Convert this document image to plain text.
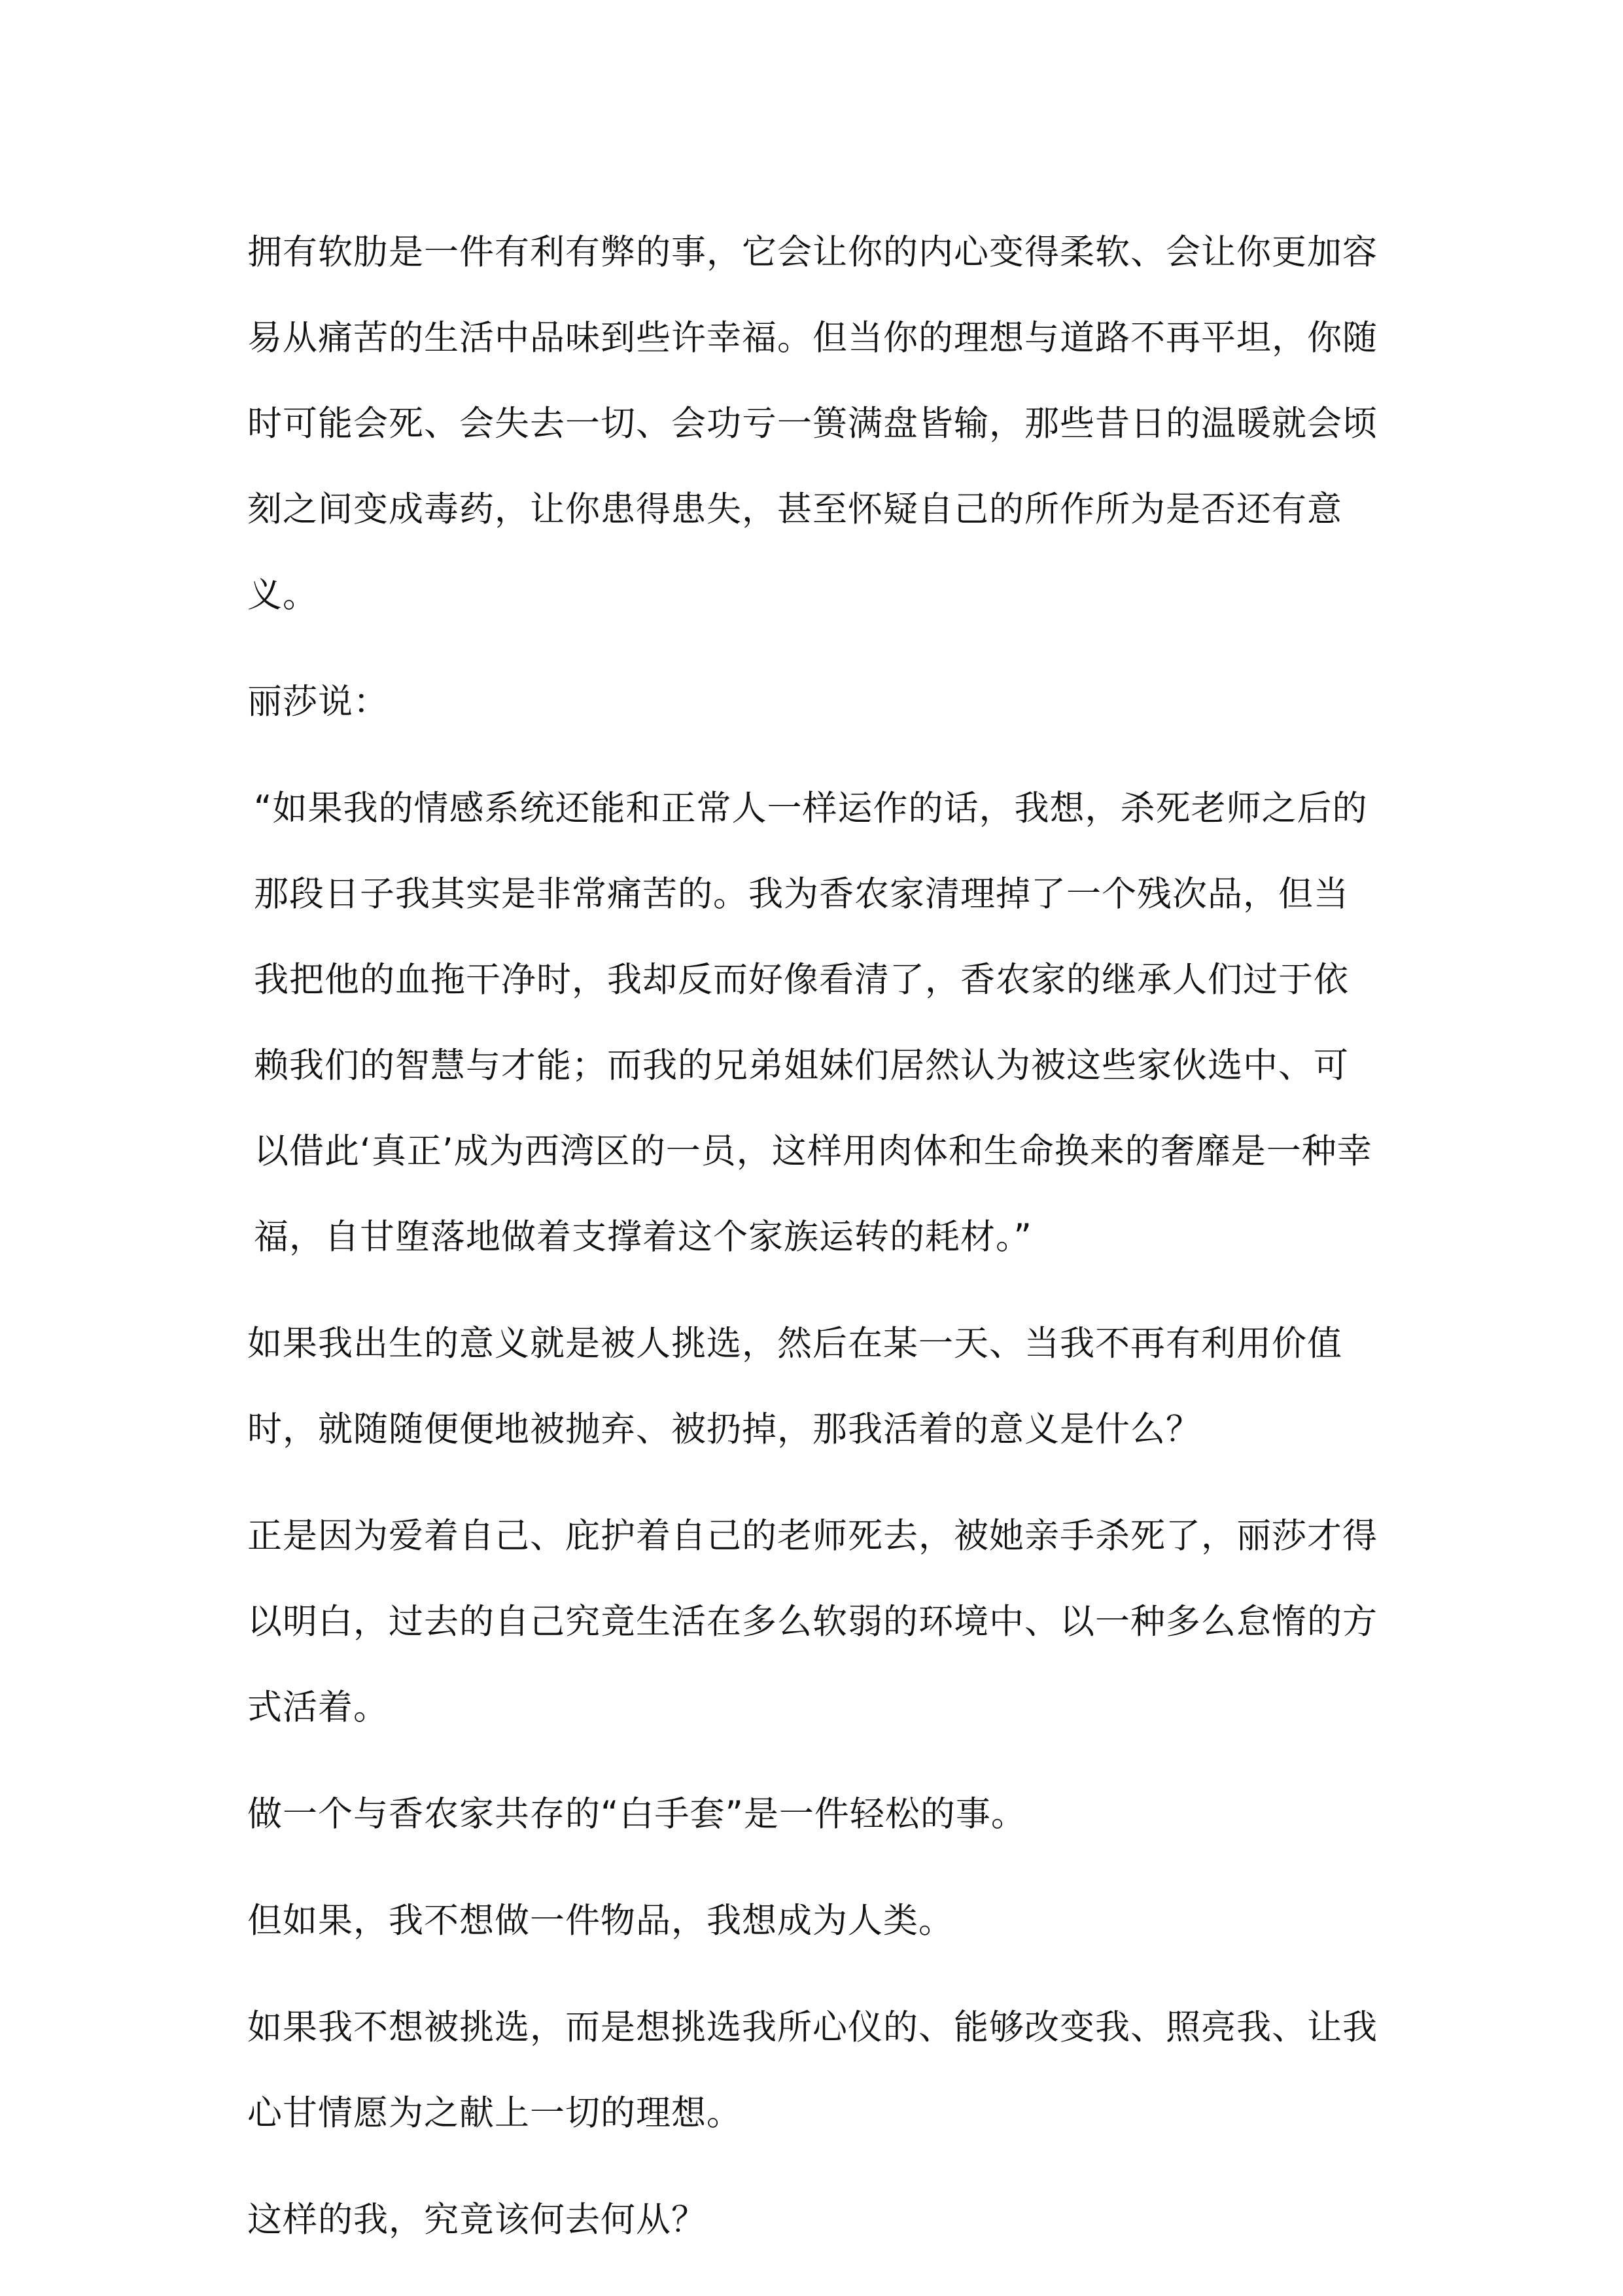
拥有软肋是一件有利有弊的事，它会让你的内心变得柔软、会让你更加容易从痛苦的生活中品味到些许幸福。但当你的理想与道路不再平坦，你随时可能会死、会失去一切、会功亏一篑满盘皆输，那些昔日的温暖就会顷刻之间变成毒药，让你患得患失，甚至怀疑自己的所作所为是否还有意义。

丽莎说：

“如果我的情感系统还能和正常人一样运作的话，我想，杀死老师之后的那段日子我其实是非常痛苦的。我为香农家清理掉了一个残次品，但当我把他的血拖干净时，我却反而好像看清了，香农家的继承人们过于依赖我们的智慧与才能；而我的兄弟姐妹们居然认为被这些家伙选中、可以借此‘真正’成为西湾区的一员，这样用肉体和生命换来的奢靡是一种幸福，自甘堕落地做着支撑着这个家族运转的耗材。”

如果我出生的意义就是被人挑选，然后在某一天、当我不再有利用价值时，就随随便便地被抛弃、被扔掉，那我活着的意义是什么？

正是因为爱着自己、庇护着自己的老师死去，被她亲手杀死了，丽莎才得以明白，过去的自己究竟生活在多么软弱的环境中、以一种多么怠惰的方式活着。

做一个与香农家共存的“白手套”是一件轻松的事。

但如果，我不想做一件物品，我想成为人类。

如果我不想被挑选，而是想挑选我所心仪的、能够改变我、照亮我、让我心甘情愿为之献上一切的理想。

这样的我，究竟该何去何从？
